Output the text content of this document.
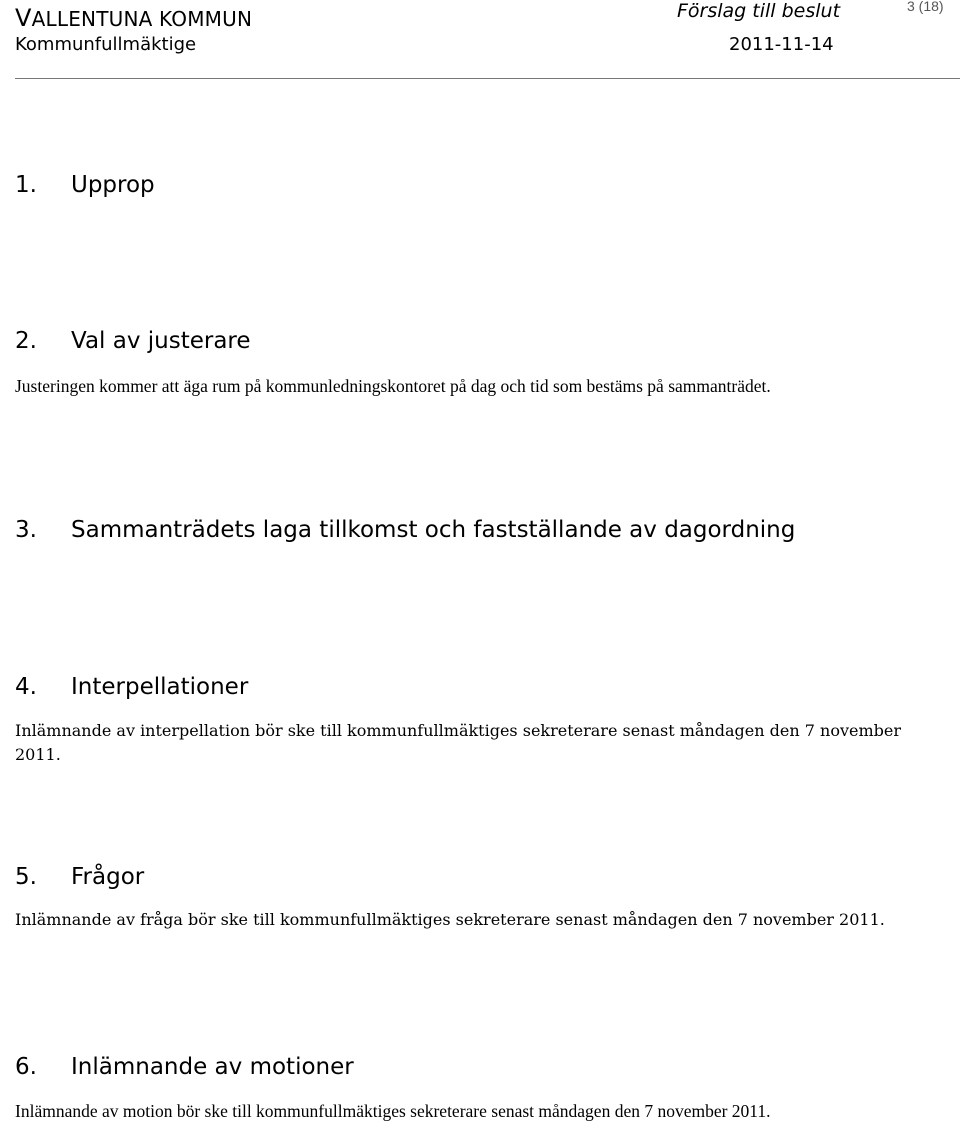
VALLENTUNA KOMMUN
Kommunfullmäktige
Förslag till beslut
2011-11-14
3 (18)
1.	Upprop
2.	Val av justerare
Justeringen kommer att äga rum på kommunledningskontoret på dag och tid som bestäms på sammanträdet.
3.	Sammanträdets laga tillkomst och fastställande av dagordning
4.	Interpellationer
Inlämnande av interpellation bör ske till kommunfullmäktiges sekreterare senast måndagen den 7 november 2011.
5.	Frågor
Inlämnande av fråga bör ske till kommunfullmäktiges sekreterare senast måndagen den 7 november 2011.
6.	Inlämnande av motioner
Inlämnande av motion bör ske till kommunfullmäktiges sekreterare senast måndagen den 7 november 2011.
